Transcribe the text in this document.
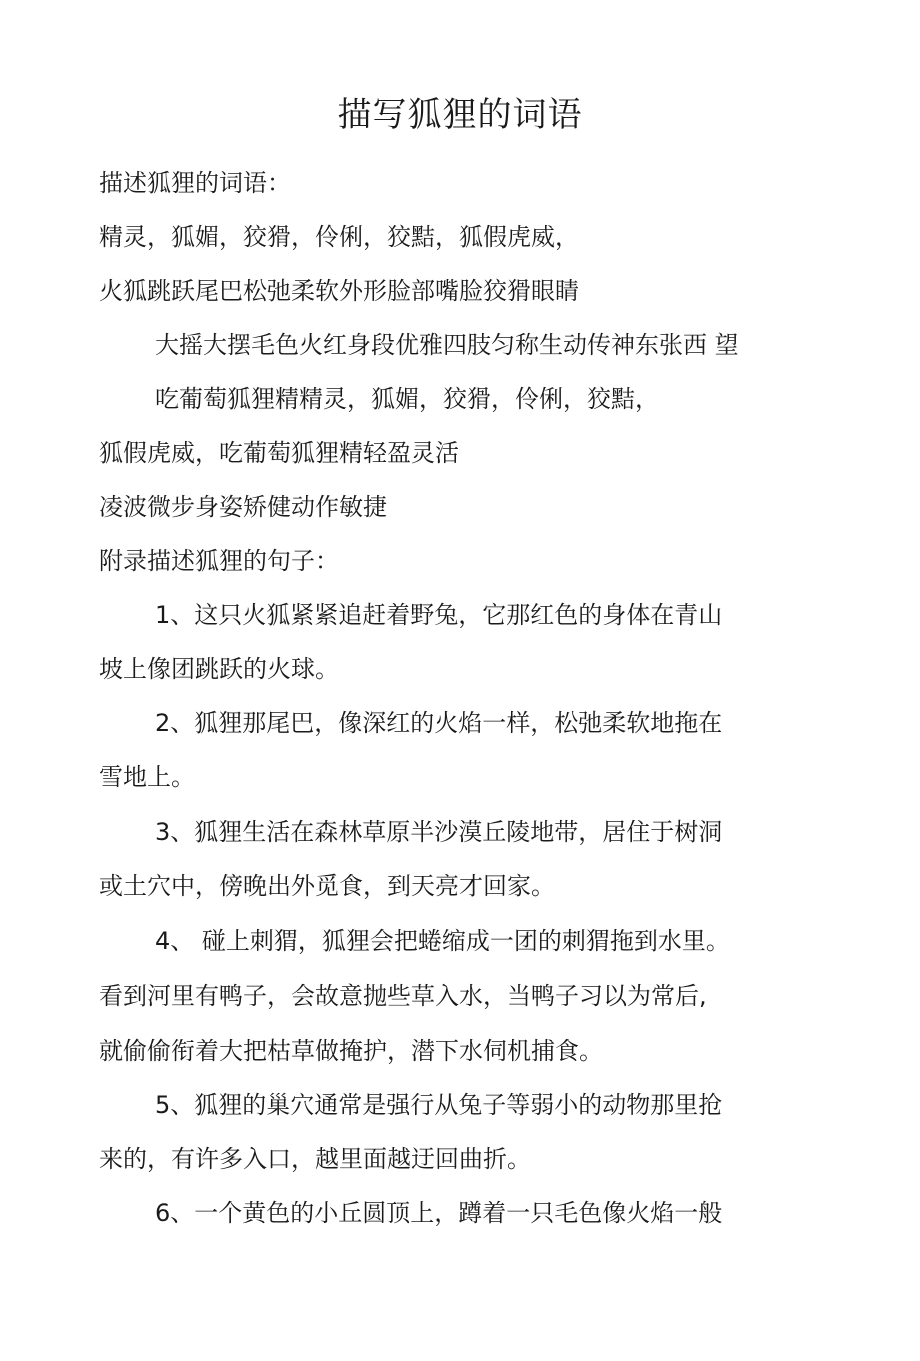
描写狐狸的词语

描述狐狸的词语：

精灵，狐媚，狡猾，伶俐，狡黠，狐假虎威，

火狐跳跃尾巴松弛柔软外形脸部嘴脸狡猾眼睛

大摇大摆毛色火红身段优雅四肢匀称生动传神东张西 望

吃葡萄狐狸精精灵，狐媚，狡猾，伶俐，狡黠，

狐假虎威，吃葡萄狐狸精轻盈灵活

凌波微步身姿矫健动作敏捷

附录描述狐狸的句子：

1、这只火狐紧紧追赶着野兔，它那红色的身体在青山

坡上像团跳跃的火球。

2、狐狸那尾巴，像深红的火焰一样，松弛柔软地拖在

雪地上。

3、狐狸生活在森林草原半沙漠丘陵地带，居住于树洞

或土穴中，傍晚出外觅食，到天亮才回家。

4、 碰上刺猬，狐狸会把蜷缩成一团的刺猬拖到水里。

看到河里有鸭子，会故意抛些草入水，当鸭子习以为常后,

就偷偷衔着大把枯草做掩护，潜下水伺机捕食。

5、狐狸的巢穴通常是强行从兔子等弱小的动物那里抢

来的，有许多入口，越里面越迂回曲折。

6、一个黄色的小丘圆顶上，蹲着一只毛色像火焰一般
